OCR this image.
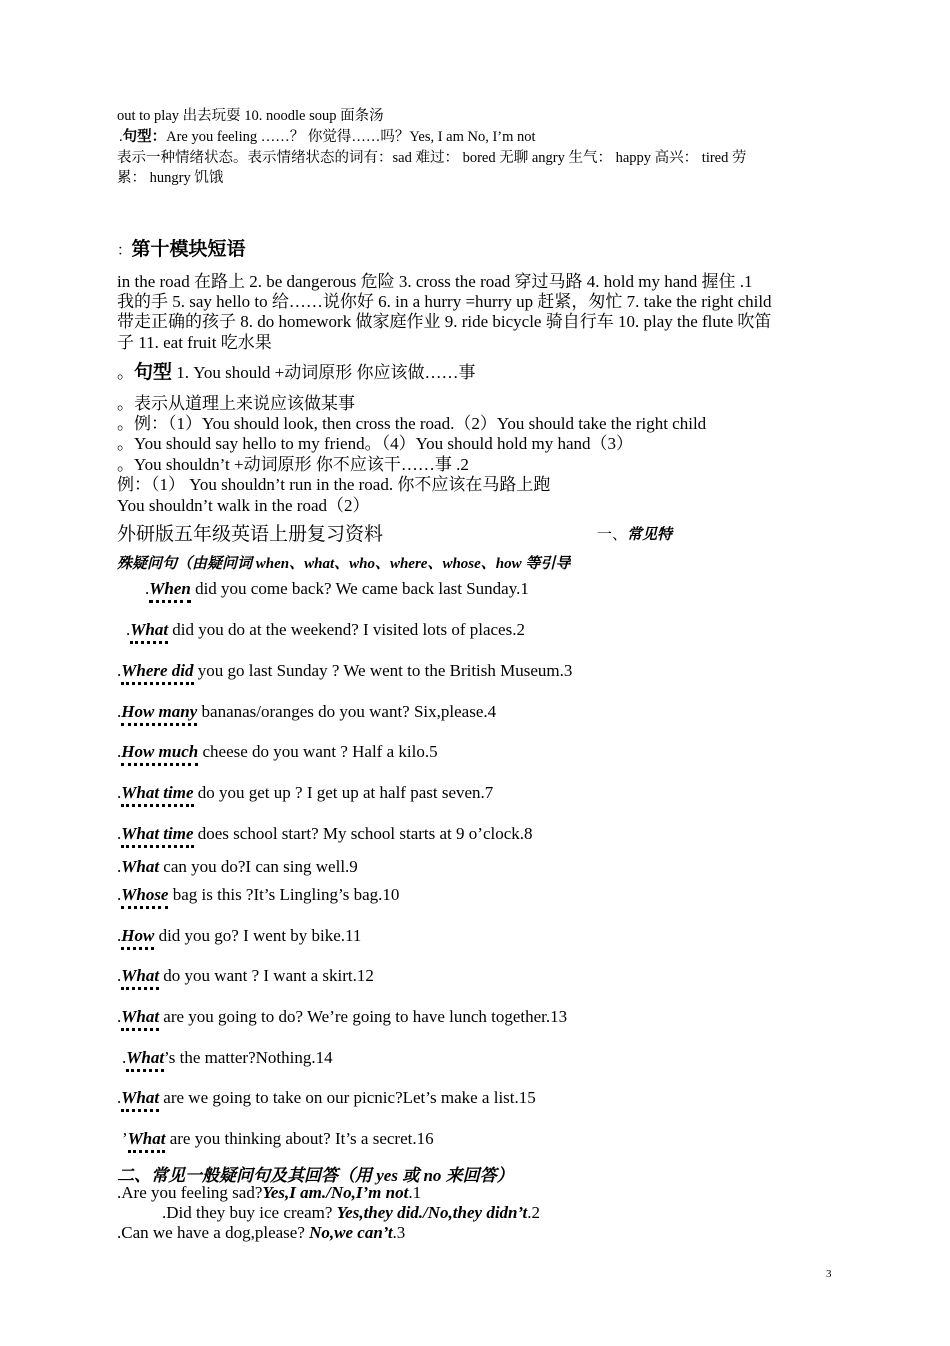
out to play 出去玩耍 10. noodle soup 面条汤
.句型：Are you feeling ……？ 你觉得……吗？Yes, I am No, I’m not
表示一种情绪状态。表示情绪状态的词有：sad 难过： bored 无聊 angry 生气： happy 高兴： tired 劳
累： hungry 饥饿
：第十模块短语
in the road 在路上 2. be dangerous 危险 3. cross the road 穿过马路 4. hold my hand 握住 .1
我的手 5. say hello to 给……说你好 6. in a hurry =hurry up 赶紧，匆忙 7. take the right child
带走正确的孩子 8. do homework 做家庭作业 9. ride bicycle 骑自行车 10. play the flute 吹笛
子 11. eat fruit 吃水果
。句型 1. You should +动词原形 你应该做……事
。表示从道理上来说应该做某事
。例：（1）You should look, then cross the road.（2）You should take the right child
。You should say hello to my friend。（4）You should hold my hand（3）
。You shouldn’t +动词原形 你不应该干……事 .2
例：（1） You shouldn’t run in the road. 你不应该在马路上跑
You shouldn’t walk in the road（2）
外研版五年级英语上册复习资料	一、常见特
殊疑问句（由疑问词 when、what、who、where、whose、how 等引导
.When did you come back? We came back last Sunday.1
.What did you do at the weekend? I visited lots of places.2
.Where did you go last Sunday ? We went to the British Museum.3
.How many bananas/oranges do you want? Six,please.4
.How much cheese do you want ? Half a kilo.5
.What time do you get up ? I get up at half past seven.7
.What time does school start? My school starts at 9 o’clock.8
.What can you do?I can sing well.9
.Whose bag is this ?It’s Lingling’s bag.10
.How did you go? I went by bike.11
.What do you want ? I want a skirt.12
.What are you going to do? We’re going to have lunch together.13
.What’s the matter?Nothing.14
.What are we going to take on our picnic?Let’s make a list.15
’What are you thinking about? It’s a secret.16
二、常见一般疑问句及其回答（用 yes 或 no 来回答）
.Are you feeling sad?Yes,I am./No,I’m not.1
.Did they buy ice cream? Yes,they did./No,they didn’t.2
.Can we have a dog,please? No,we can’t.3
3
